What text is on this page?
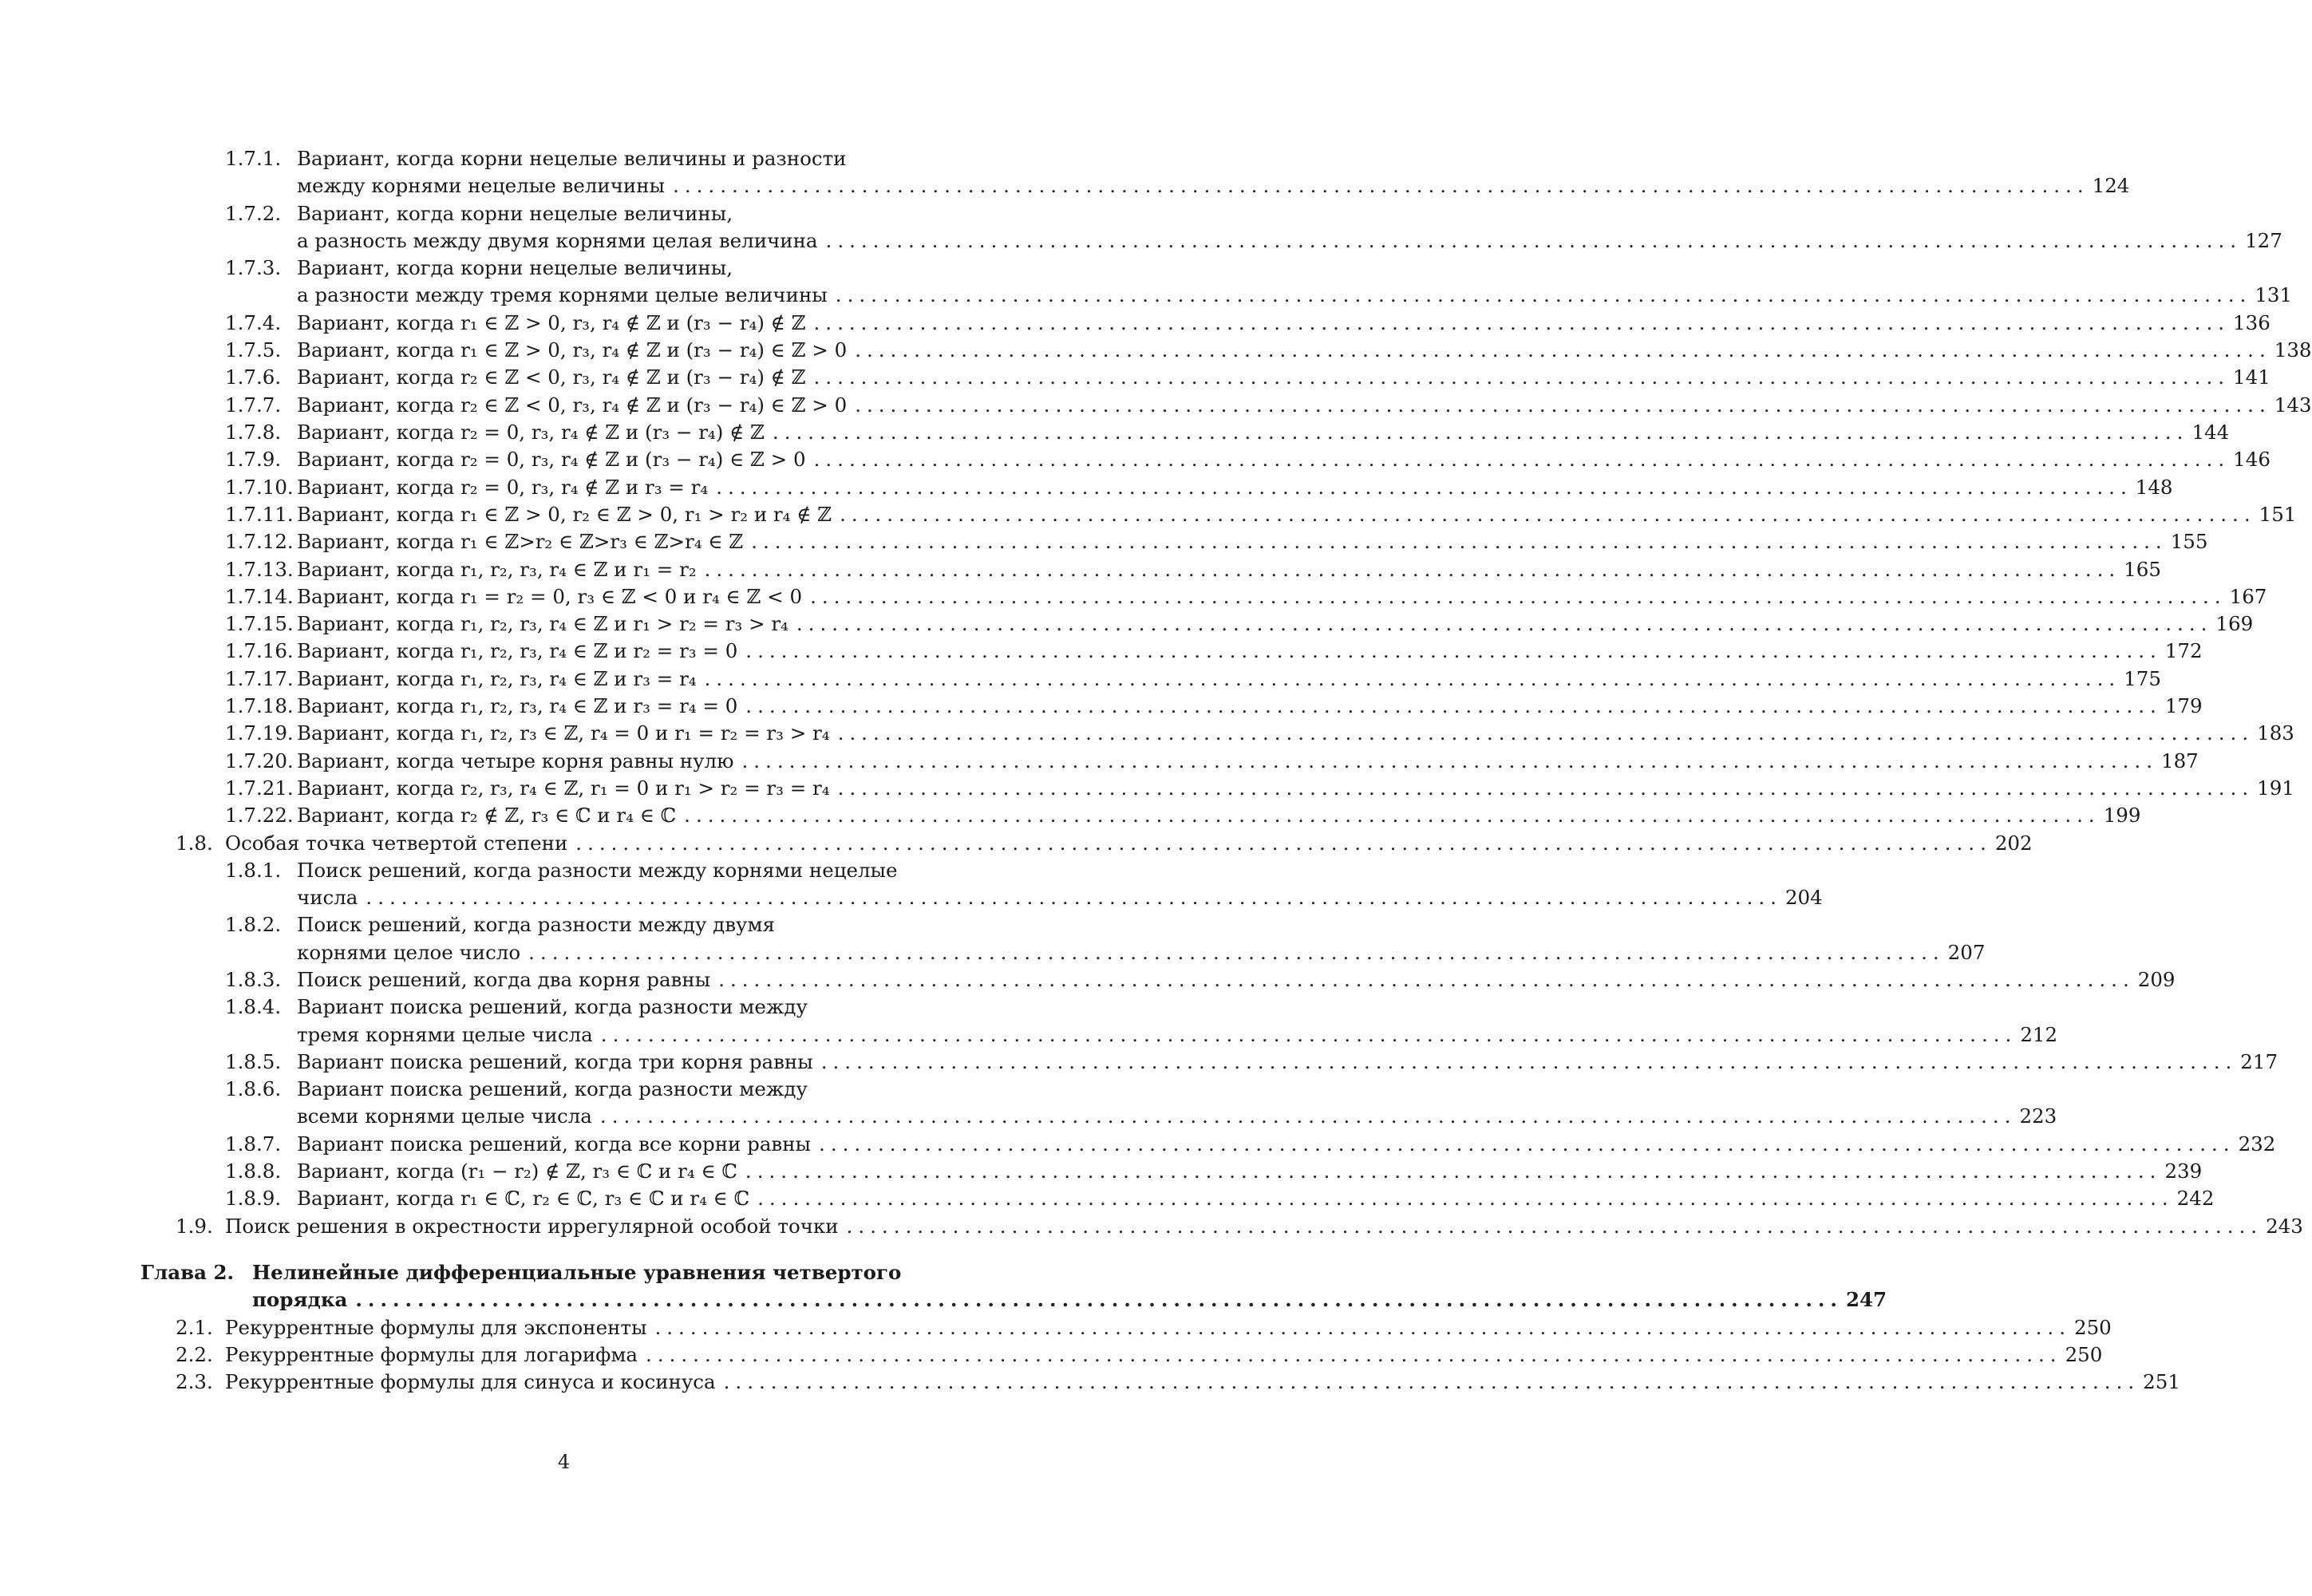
1.7.1. Вариант, когда корни нецелые величины и разности
между корнями нецелые величины ........................................................................................................................ 124
1.7.2. Вариант, когда корни нецелые величины,
а разность между двумя корнями целая величина ........................................................................................................................ 127
1.7.3. Вариант, когда корни нецелые величины,
а разности между тремя корнями целые величины ........................................................................................................................ 131
1.7.4. Вариант, когда r₁ ∈ ℤ > 0, r₃, r₄ ∉ ℤ и (r₃ − r₄) ∉ ℤ ........................................................................................................................ 136
1.7.5. Вариант, когда r₁ ∈ ℤ > 0, r₃, r₄ ∉ ℤ и (r₃ − r₄) ∈ ℤ > 0 ........................................................................................................................ 138
1.7.6. Вариант, когда r₂ ∈ ℤ < 0, r₃, r₄ ∉ ℤ и (r₃ − r₄) ∉ ℤ ........................................................................................................................ 141
1.7.7. Вариант, когда r₂ ∈ ℤ < 0, r₃, r₄ ∉ ℤ и (r₃ − r₄) ∈ ℤ > 0 ........................................................................................................................ 143
1.7.8. Вариант, когда r₂ = 0, r₃, r₄ ∉ ℤ и (r₃ − r₄) ∉ ℤ ........................................................................................................................ 144
1.7.9. Вариант, когда r₂ = 0, r₃, r₄ ∉ ℤ и (r₃ − r₄) ∈ ℤ > 0 ........................................................................................................................ 146
1.7.10. Вариант, когда r₂ = 0, r₃, r₄ ∉ ℤ и r₃ = r₄ ........................................................................................................................ 148
1.7.11. Вариант, когда r₁ ∈ ℤ > 0, r₂ ∈ ℤ > 0, r₁ > r₂ и r₄ ∉ ℤ ........................................................................................................................ 151
1.7.12. Вариант, когда r₁ ∈ ℤ>r₂ ∈ ℤ>r₃ ∈ ℤ>r₄ ∈ ℤ ........................................................................................................................ 155
1.7.13. Вариант, когда r₁, r₂, r₃, r₄ ∈ ℤ и r₁ = r₂ ........................................................................................................................ 165
1.7.14. Вариант, когда r₁ = r₂ = 0, r₃ ∈ ℤ < 0 и r₄ ∈ ℤ < 0 ........................................................................................................................ 167
1.7.15. Вариант, когда r₁, r₂, r₃, r₄ ∈ ℤ и r₁ > r₂ = r₃ > r₄ ........................................................................................................................ 169
1.7.16. Вариант, когда r₁, r₂, r₃, r₄ ∈ ℤ и r₂ = r₃ = 0 ........................................................................................................................ 172
1.7.17. Вариант, когда r₁, r₂, r₃, r₄ ∈ ℤ и r₃ = r₄ ........................................................................................................................ 175
1.7.18. Вариант, когда r₁, r₂, r₃, r₄ ∈ ℤ и r₃ = r₄ = 0 ........................................................................................................................ 179
1.7.19. Вариант, когда r₁, r₂, r₃ ∈ ℤ, r₄ = 0 и r₁ = r₂ = r₃ > r₄ ........................................................................................................................ 183
1.7.20. Вариант, когда четыре корня равны нулю ........................................................................................................................ 187
1.7.21. Вариант, когда r₂, r₃, r₄ ∈ ℤ, r₁ = 0 и r₁ > r₂ = r₃ = r₄ ........................................................................................................................ 191
1.7.22. Вариант, когда r₂ ∉ ℤ, r₃ ∈ ℂ и r₄ ∈ ℂ ........................................................................................................................ 199
1.8. Особая точка четвертой степени ........................................................................................................................ 202
1.8.1. Поиск решений, когда разности между корнями нецелые
числа ........................................................................................................................ 204
1.8.2. Поиск решений, когда разности между двумя
корнями целое число ........................................................................................................................ 207
1.8.3. Поиск решений, когда два корня равны ........................................................................................................................ 209
1.8.4. Вариант поиска решений, когда разности между
тремя корнями целые числа ........................................................................................................................ 212
1.8.5. Вариант поиска решений, когда три корня равны ........................................................................................................................ 217
1.8.6. Вариант поиска решений, когда разности между
всеми корнями целые числа ........................................................................................................................ 223
1.8.7. Вариант поиска решений, когда все корни равны ........................................................................................................................ 232
1.8.8. Вариант, когда (r₁ − r₂) ∉ ℤ, r₃ ∈ ℂ и r₄ ∈ ℂ ........................................................................................................................ 239
1.8.9. Вариант, когда r₁ ∈ ℂ, r₂ ∈ ℂ, r₃ ∈ ℂ и r₄ ∈ ℂ ........................................................................................................................ 242
1.9. Поиск решения в окрестности иррегулярной особой точки ........................................................................................................................ 243
Глава 2. Нелинейные дифференциальные уравнения четвертого
порядка ........................................................................................................................ 247
2.1. Рекуррентные формулы для экспоненты ........................................................................................................................ 250
2.2. Рекуррентные формулы для логарифма ........................................................................................................................ 250
2.3. Рекуррентные формулы для синуса и косинуса ........................................................................................................................ 251
4
